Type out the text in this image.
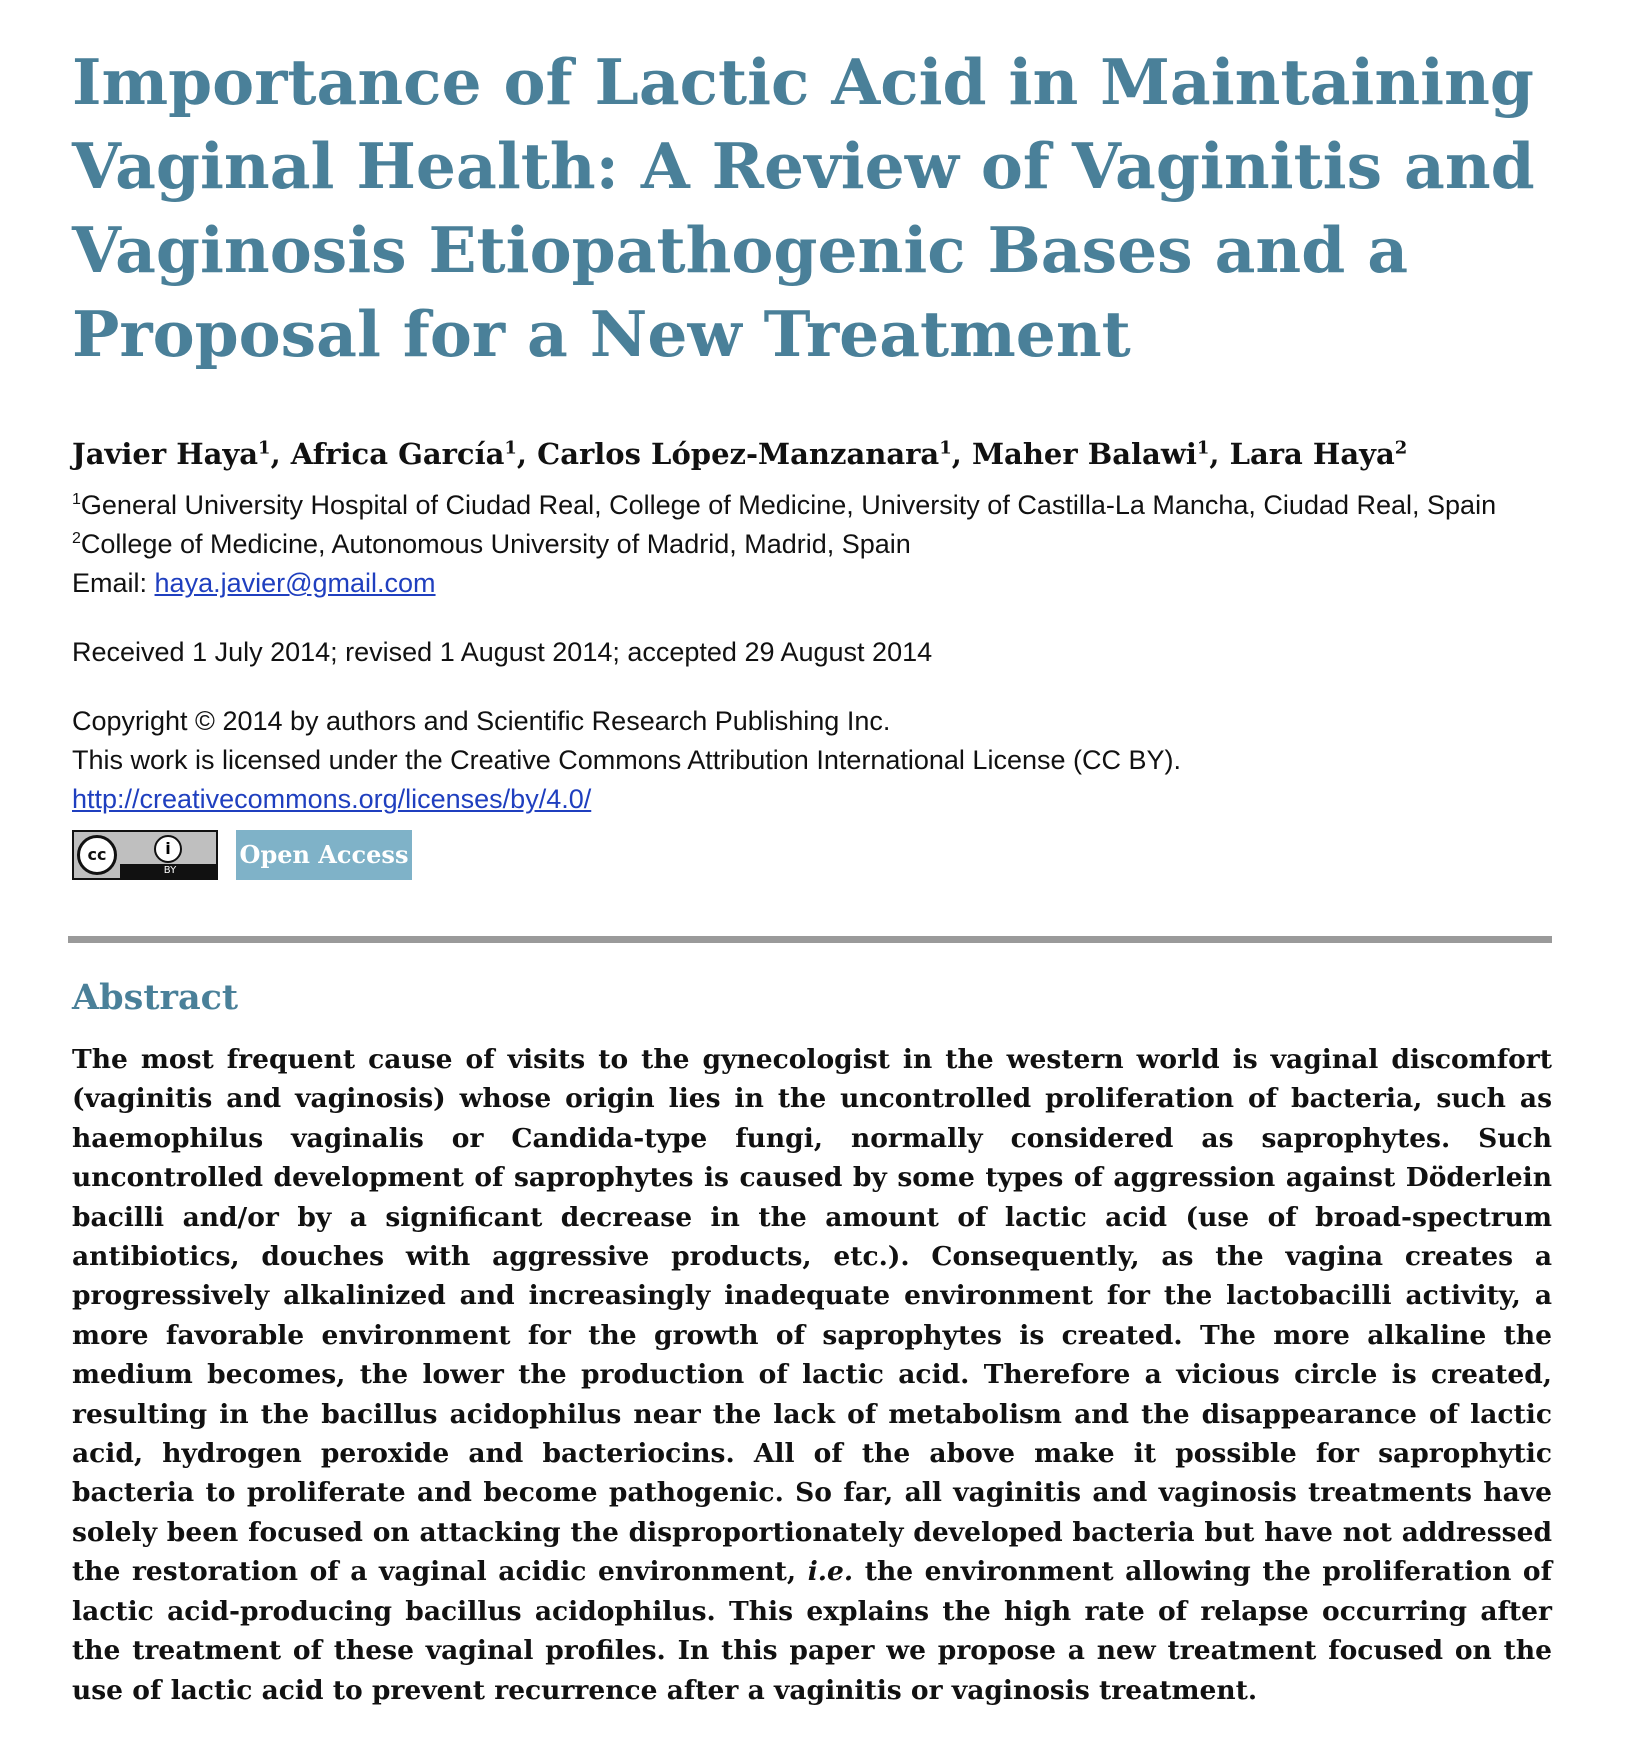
Importance of Lactic Acid in Maintaining Vaginal Health: A Review of Vaginitis and Vaginosis Etiopathogenic Bases and a Proposal for a New Treatment
Javier Haya$^1$, Africa García$^1$, Carlos López-Manzanara$^1$, Maher Balawi$^1$, Lara Haya$^2$
$^1$General University Hospital of Ciudad Real, College of Medicine, University of Castilla-La Mancha, Ciudad Real, Spain
$^2$College of Medicine, Autonomous University of Madrid, Madrid, Spain
Email: haya.javier@gmail.com
Received 1 July 2014; revised 1 August 2014; accepted 29 August 2014
Copyright © 2014 by authors and Scientific Research Publishing Inc.
This work is licensed under the Creative Commons Attribution International License (CC BY).
http://creativecommons.org/licenses/by/4.0/
cc	i
BY
Open Access
Abstract

The most frequent cause of visits to the gynecologist in the western world is vaginal discomfort (vaginitis and vaginosis) whose origin lies in the uncontrolled proliferation of bacteria, such as haemophilus vaginalis or Candida-type fungi, normally considered as saprophytes. Such uncontrolled development of saprophytes is caused by some types of aggression against Döderlein bacilli and/or by a significant decrease in the amount of lactic acid (use of broad-spectrum antibiotics, douches with aggressive products, etc.). Consequently, as the vagina creates a progressively alkalinized and increasingly inadequate environment for the lactobacilli activity, a more favorable environment for the growth of saprophytes is created. The more alkaline the medium becomes, the lower the production of lactic acid. Therefore a vicious circle is created, resulting in the bacillus acidophilus near the lack of metabolism and the disappearance of lactic acid, hydrogen peroxide and bacteriocins. All of the above make it possible for saprophytic bacteria to proliferate and become pathogenic. So far, all vaginitis and vaginosis treatments have solely been focused on attacking the disproportionately developed bacteria but have not addressed the restoration of a vaginal acidic environment, i.e. the environment allowing the proliferation of lactic acid-producing bacillus acidophilus. This explains the high rate of relapse occurring after the treatment of these vaginal profiles. In this paper we propose a new treatment focused on the use of lactic acid to prevent recurrence after a vaginitis or vaginosis treatment.
